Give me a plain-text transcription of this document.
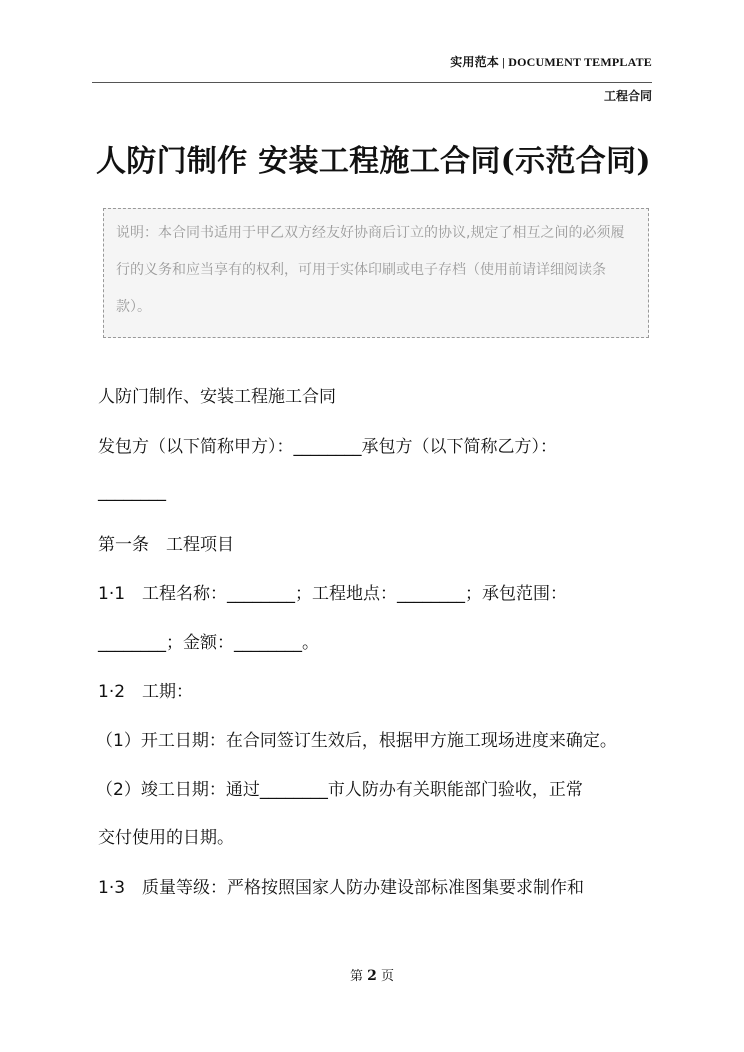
实用范本 | DOCUMENT TEMPLATE
工程合同
人防门制作 安装工程施工合同(示范合同)
说明：本合同书适用于甲乙双方经友好协商后订立的协议,规定了相互之间的必须履行的义务和应当享有的权利，可用于实体印刷或电子存档（使用前请详细阅读条款）。
人防门制作、安装工程施工合同
发包方（以下简称甲方）：________承包方（以下简称乙方）：
________
第一条　工程项目
1·1　工程名称：________；工程地点：________；承包范围：
________；金额：________。
1·2　工期：
（1）开工日期：在合同签订生效后，根据甲方施工现场进度来确定。
（2）竣工日期：通过________市人防办有关职能部门验收，正常
交付使用的日期。
1·3　质量等级：严格按照国家人防办建设部标准图集要求制作和
第 2 页
